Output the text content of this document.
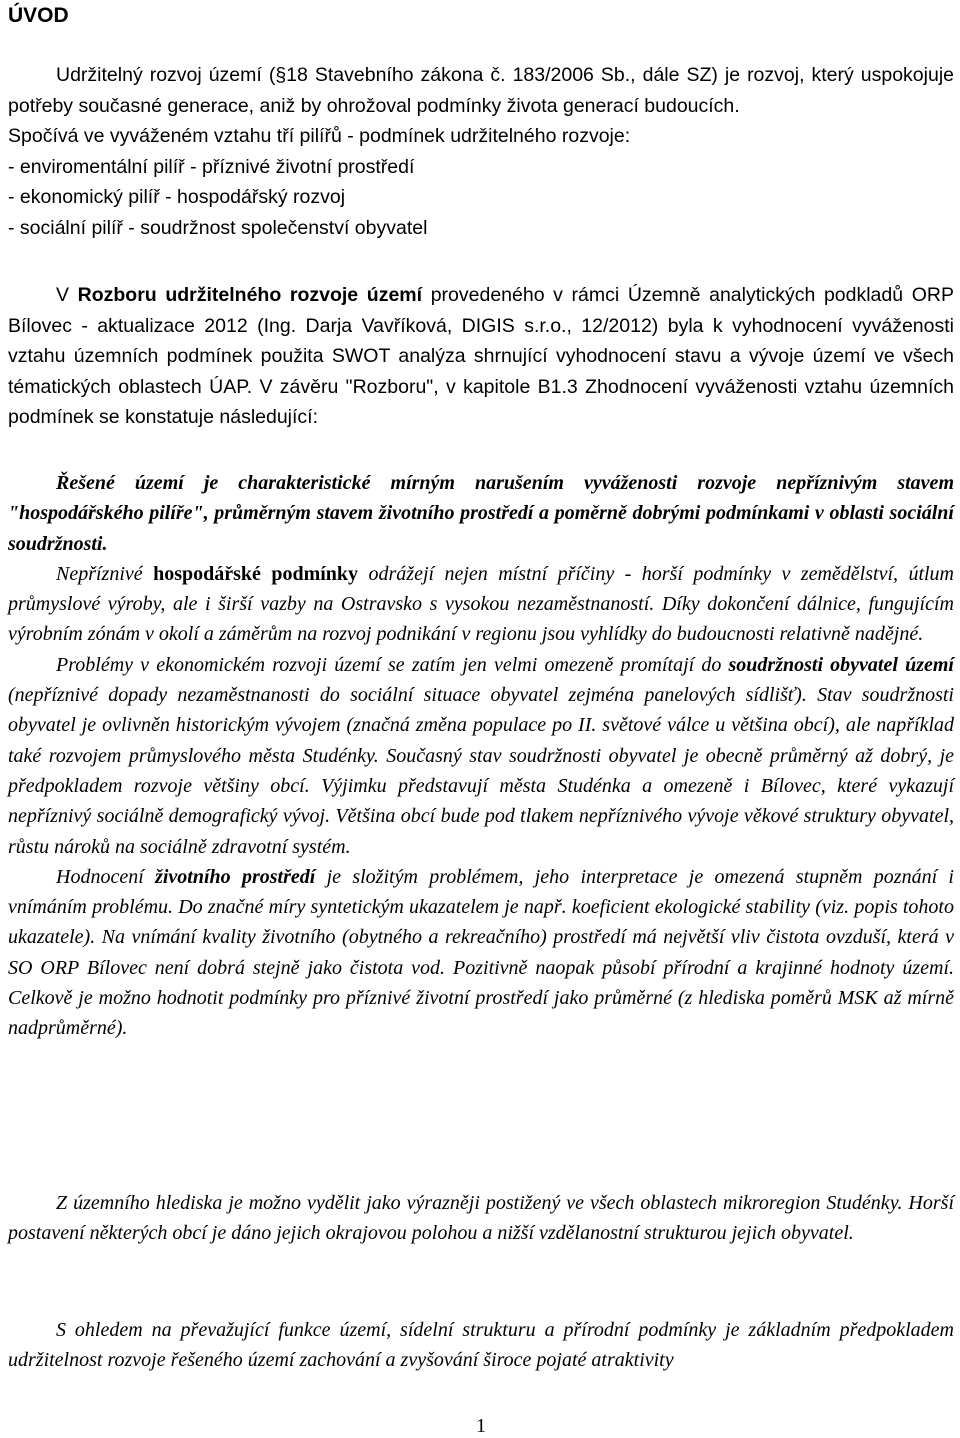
ÚVOD

Udržitelný rozvoj území (§18 Stavebního zákona č. 183/2006 Sb., dále SZ) je rozvoj, který uspokojuje potřeby současné generace, aniž by ohrožoval podmínky života generací budoucích.

Spočívá ve vyváženém vztahu tří pilířů - podmínek udržitelného rozvoje:

- enviromentální pilíř - příznivé životní prostředí

- ekonomický pilíř - hospodářský rozvoj

- sociální pilíř - soudržnost společenství obyvatel

V Rozboru udržitelného rozvoje území provedeného v rámci Územně analytických podkladů ORP Bílovec - aktualizace 2012 (Ing. Darja Vavříková, DIGIS s.r.o., 12/2012) byla k vyhodnocení vyváženosti vztahu územních podmínek použita SWOT analýza shrnující vyhodnocení stavu a vývoje území ve všech tématických oblastech ÚAP. V závěru "Rozboru", v kapitole B1.3 Zhodnocení vyváženosti vztahu územních podmínek se konstatuje následující:

Řešené území je charakteristické mírným narušením vyváženosti rozvoje nepříznivým stavem "hospodářského pilíře", průměrným stavem životního prostředí a poměrně dobrými podmínkami v oblasti sociální soudržnosti.

Nepříznivé hospodářské podmínky odrážejí nejen místní příčiny - horší podmínky v zemědělství, útlum průmyslové výroby, ale i širší vazby na Ostravsko s vysokou nezaměstnaností. Díky dokončení dálnice, fungujícím výrobním zónám v okolí a záměrům na rozvoj podnikání v regionu jsou vyhlídky do budoucnosti relativně nadějné.

Problémy v ekonomickém rozvoji území se zatím jen velmi omezeně promítají do soudržnosti obyvatel území (nepříznivé dopady nezaměstnanosti do sociální situace obyvatel zejména panelových sídlišť). Stav soudržnosti obyvatel je ovlivněn historickým vývojem (značná změna populace po II. světové válce u většina obcí), ale například také rozvojem průmyslového města Studénky. Současný stav soudržnosti obyvatel je obecně průměrný až dobrý, je předpokladem rozvoje většiny obcí. Výjimku představují města Studénka a omezeně i Bílovec, které vykazují nepříznivý sociálně demografický vývoj. Většina obcí bude pod tlakem nepříznivého vývoje věkové struktury obyvatel, růstu nároků na sociálně zdravotní systém.

Hodnocení životního prostředí je složitým problémem, jeho interpretace je omezená stupněm poznání i vnímáním problému. Do značné míry syntetickým ukazatelem je např. koeficient ekologické stability (viz. popis tohoto ukazatele). Na vnímání kvality životního (obytného a rekreačního) prostředí má největší vliv čistota ovzduší, která v SO ORP Bílovec není dobrá stejně jako čistota vod. Pozitivně naopak působí přírodní a krajinné hodnoty území. Celkově je možno hodnotit podmínky pro příznivé životní prostředí jako průměrné (z hlediska poměrů MSK až mírně nadprůměrné).

Z územního hlediska je možno vydělit jako výrazněji postižený ve všech oblastech mikroregion Studénky. Horší postavení některých obcí je dáno jejich okrajovou polohou a nižší vzdělanostní strukturou jejich obyvatel.

S ohledem na převažující funkce území, sídelní strukturu a přírodní podmínky je základním předpokladem udržitelnost rozvoje řešeného území zachování a zvyšování široce pojaté atraktivity

1
